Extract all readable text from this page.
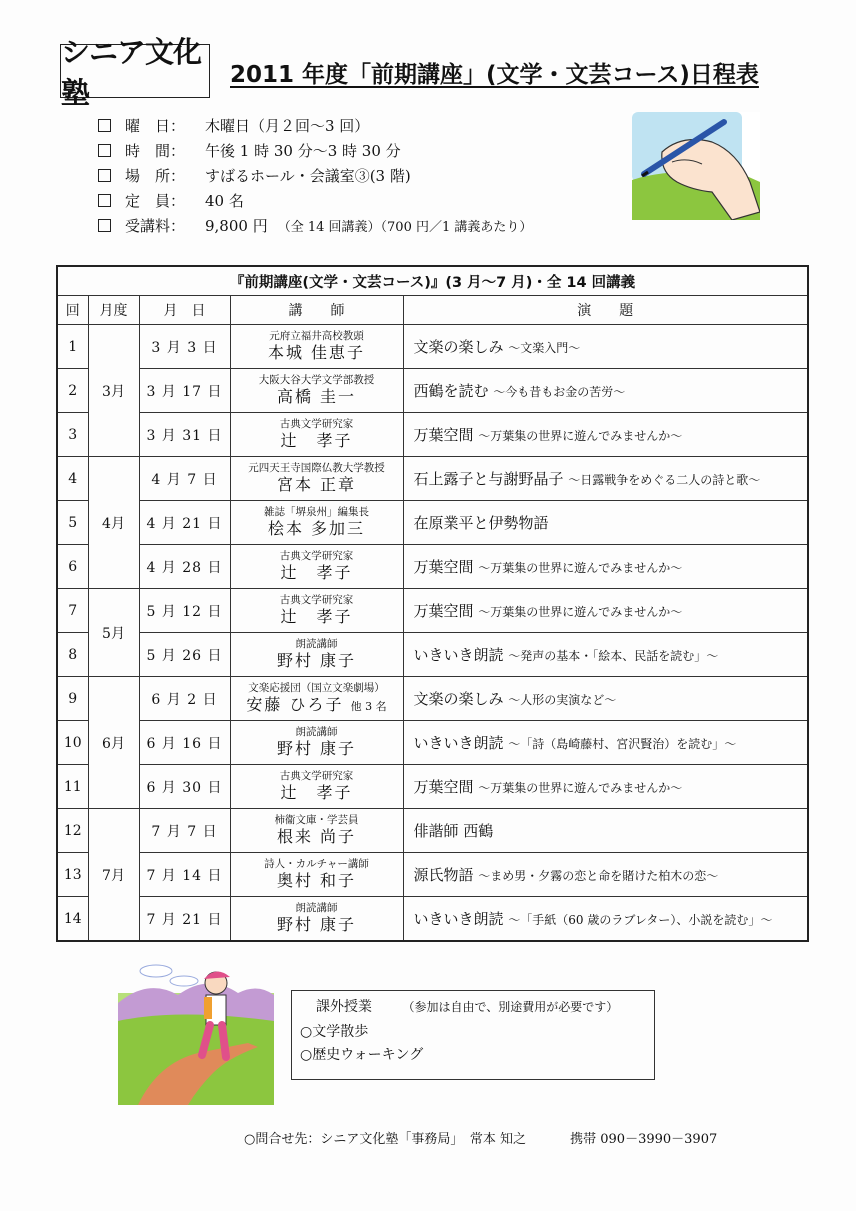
シニア文化塾
2011 年度「前期講座」(文学・文芸コース)日程表
曜　日：	木曜日（月２回～3 回）
時　間：	午後 1 時 30 分～3 時 30 分
場　所：	すばるホール・会議室③(3 階)
定　員：	40 名
受講料：	9,800 円 （全 14 回講義）（700 円／1 講義あたり）
『前期講座(文学・文芸コース)』(3 月～7 月)・全 14 回講義				
回	月度	月　日	講　　師	演　　題
1	3月	3 月 3 日	元府立福井高校教頭
本城 佳恵子	文楽の楽しみ ～文楽入門～
2		3 月 17 日	大阪大谷大学文学部教授
高橋 圭一	西鶴を読む ～今も昔もお金の苦労～
3		3 月 31 日	古典文学研究家
辻　孝子	万葉空間 ～万葉集の世界に遊んでみませんか～
4	4月	4 月 7 日	元四天王寺国際仏教大学教授
宮本 正章	石上露子と与謝野晶子 ～日露戦争をめぐる二人の詩と歌～
5		4 月 21 日	雑誌「堺泉州」編集長
桧本 多加三	在原業平と伊勢物語
6		4 月 28 日	古典文学研究家
辻　孝子	万葉空間 ～万葉集の世界に遊んでみませんか～
7	5月	5 月 12 日	古典文学研究家
辻　孝子	万葉空間 ～万葉集の世界に遊んでみませんか～
8		5 月 26 日	朗読講師
野村 康子	いきいき朗読 ～発声の基本・「絵本、民話を読む」～
9	6月	6 月 2 日	文楽応援団（国立文楽劇場）
安藤 ひろ子 他 3 名	文楽の楽しみ ～人形の実演など～
10		6 月 16 日	朗読講師
野村 康子	いきいき朗読 ～「詩（島崎藤村、宮沢賢治）を読む」～
11		6 月 30 日	古典文学研究家
辻　孝子	万葉空間 ～万葉集の世界に遊んでみませんか～
12	7月	7 月 7 日	柿衞文庫・学芸員
根来 尚子	俳諧師 西鶴
13		7 月 14 日	詩人・カルチャー講師
奥村 和子	源氏物語 ～まめ男・夕霧の恋と命を賭けた柏木の恋～
14		7 月 21 日	朗読講師
野村 康子	いきいき朗読 ～「手紙（60 歳のラブレター）、小説を読む」～
課外授業	（参加は自由で、別途費用が必要です）
○文学散歩
○歴史ウォーキング
○問合せ先：シニア文化塾「事務局」　常本 知之	携帯 090－3990－3907
